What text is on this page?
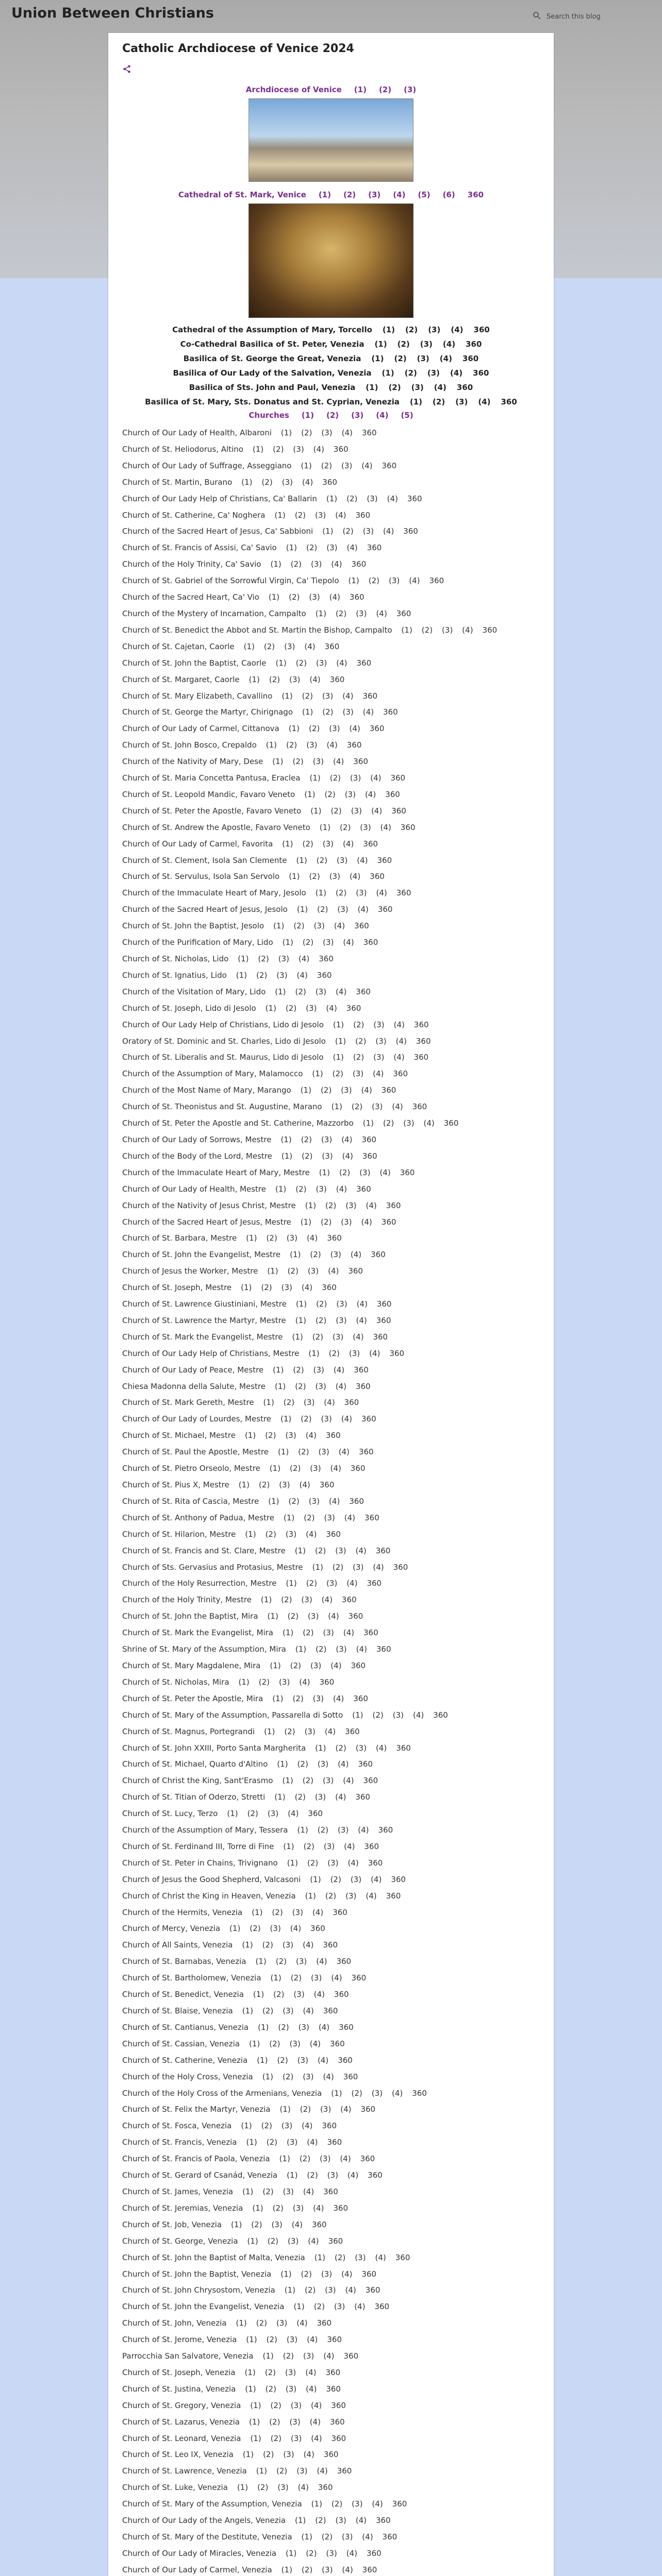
Union Between Christians	Search this blog
Catholic Archdiocese of Venice 2024
Archdiocese of Venice (1) (2) (3)
Cathedral of St. Mark, Venice (1) (2) (3) (4) (5) (6) 360
Cathedral of the Assumption of Mary, Torcello (1) (2) (3) (4) 360
Co-Cathedral Basilica of St. Peter, Venezia (1) (2) (3) (4) 360
Basilica of St. George the Great, Venezia (1) (2) (3) (4) 360
Basilica of Our Lady of the Salvation, Venezia (1) (2) (3) (4) 360
Basilica of Sts. John and Paul, Venezia (1) (2) (3) (4) 360
Basilica of St. Mary, Sts. Donatus and St. Cyprian, Venezia (1) (2) (3) (4) 360
Churches (1) (2) (3) (4) (5)
Church of Our Lady of Health, Albaroni (1) (2) (3) (4) 360
Church of St. Heliodorus, Altino (1) (2) (3) (4) 360
Church of Our Lady of Suffrage, Asseggiano (1) (2) (3) (4) 360
Church of St. Martin, Burano (1) (2) (3) (4) 360
Church of Our Lady Help of Christians, Ca' Ballarin (1) (2) (3) (4) 360
Church of St. Catherine, Ca' Noghera (1) (2) (3) (4) 360
Church of the Sacred Heart of Jesus, Ca' Sabbioni (1) (2) (3) (4) 360
Church of St. Francis of Assisi, Ca' Savio (1) (2) (3) (4) 360
Church of the Holy Trinity, Ca' Savio (1) (2) (3) (4) 360
Church of St. Gabriel of the Sorrowful Virgin, Ca' Tiepolo (1) (2) (3) (4) 360
Church of the Sacred Heart, Ca' Vio (1) (2) (3) (4) 360
Church of the Mystery of Incarnation, Campalto (1) (2) (3) (4) 360
Church of St. Benedict the Abbot and St. Martin the Bishop, Campalto (1) (2) (3) (4) 360
Church of St. Cajetan, Caorle (1) (2) (3) (4) 360
Church of St. John the Baptist, Caorle (1) (2) (3) (4) 360
Church of St. Margaret, Caorle (1) (2) (3) (4) 360
Church of St. Mary Elizabeth, Cavallino (1) (2) (3) (4) 360
Church of St. George the Martyr, Chirignago (1) (2) (3) (4) 360
Church of Our Lady of Carmel, Cittanova (1) (2) (3) (4) 360
Church of St. John Bosco, Crepaldo (1) (2) (3) (4) 360
Church of the Nativity of Mary, Dese (1) (2) (3) (4) 360
Church of St. Maria Concetta Pantusa, Eraclea (1) (2) (3) (4) 360
Church of St. Leopold Mandic, Favaro Veneto (1) (2) (3) (4) 360
Church of St. Peter the Apostle, Favaro Veneto (1) (2) (3) (4) 360
Church of St. Andrew the Apostle, Favaro Veneto (1) (2) (3) (4) 360
Church of Our Lady of Carmel, Favorita (1) (2) (3) (4) 360
Church of St. Clement, Isola San Clemente (1) (2) (3) (4) 360
Church of St. Servulus, Isola San Servolo (1) (2) (3) (4) 360
Church of the Immaculate Heart of Mary, Jesolo (1) (2) (3) (4) 360
Church of the Sacred Heart of Jesus, Jesolo (1) (2) (3) (4) 360
Church of St. John the Baptist, Jesolo (1) (2) (3) (4) 360
Church of the Purification of Mary, Lido (1) (2) (3) (4) 360
Church of St. Nicholas, Lido (1) (2) (3) (4) 360
Church of St. Ignatius, Lido (1) (2) (3) (4) 360
Church of the Visitation of Mary, Lido (1) (2) (3) (4) 360
Church of St. Joseph, Lido di Jesolo (1) (2) (3) (4) 360
Church of Our Lady Help of Christians, Lido di Jesolo (1) (2) (3) (4) 360
Oratory of St. Dominic and St. Charles, Lido di Jesolo (1) (2) (3) (4) 360
Church of St. Liberalis and St. Maurus, Lido di Jesolo (1) (2) (3) (4) 360
Church of the Assumption of Mary, Malamocco (1) (2) (3) (4) 360
Church of the Most Name of Mary, Marango (1) (2) (3) (4) 360
Church of St. Theonistus and St. Augustine, Marano (1) (2) (3) (4) 360
Church of St. Peter the Apostle and St. Catherine, Mazzorbo (1) (2) (3) (4) 360
Church of Our Lady of Sorrows, Mestre (1) (2) (3) (4) 360
Church of the Body of the Lord, Mestre (1) (2) (3) (4) 360
Church of the Immaculate Heart of Mary, Mestre (1) (2) (3) (4) 360
Church of Our Lady of Health, Mestre (1) (2) (3) (4) 360
Church of the Nativity of Jesus Christ, Mestre (1) (2) (3) (4) 360
Church of the Sacred Heart of Jesus, Mestre (1) (2) (3) (4) 360
Church of St. Barbara, Mestre (1) (2) (3) (4) 360
Church of St. John the Evangelist, Mestre (1) (2) (3) (4) 360
Church of Jesus the Worker, Mestre (1) (2) (3) (4) 360
Church of St. Joseph, Mestre (1) (2) (3) (4) 360
Church of St. Lawrence Giustiniani, Mestre (1) (2) (3) (4) 360
Church of St. Lawrence the Martyr, Mestre (1) (2) (3) (4) 360
Church of St. Mark the Evangelist, Mestre (1) (2) (3) (4) 360
Church of Our Lady Help of Christians, Mestre (1) (2) (3) (4) 360
Church of Our Lady of Peace, Mestre (1) (2) (3) (4) 360
Chiesa Madonna della Salute, Mestre (1) (2) (3) (4) 360
Church of St. Mark Gereth, Mestre (1) (2) (3) (4) 360
Church of Our Lady of Lourdes, Mestre (1) (2) (3) (4) 360
Church of St. Michael, Mestre (1) (2) (3) (4) 360
Church of St. Paul the Apostle, Mestre (1) (2) (3) (4) 360
Church of St. Pietro Orseolo, Mestre (1) (2) (3) (4) 360
Church of St. Pius X, Mestre (1) (2) (3) (4) 360
Church of St. Rita of Cascia, Mestre (1) (2) (3) (4) 360
Church of St. Anthony of Padua, Mestre (1) (2) (3) (4) 360
Church of St. Hilarion, Mestre (1) (2) (3) (4) 360
Church of St. Francis and St. Clare, Mestre (1) (2) (3) (4) 360
Church of Sts. Gervasius and Protasius, Mestre (1) (2) (3) (4) 360
Church of the Holy Resurrection, Mestre (1) (2) (3) (4) 360
Church of the Holy Trinity, Mestre (1) (2) (3) (4) 360
Church of St. John the Baptist, Mira (1) (2) (3) (4) 360
Church of St. Mark the Evangelist, Mira (1) (2) (3) (4) 360
Shrine of St. Mary of the Assumption, Mira (1) (2) (3) (4) 360
Church of St. Mary Magdalene, Mira (1) (2) (3) (4) 360
Church of St. Nicholas, Mira (1) (2) (3) (4) 360
Church of St. Peter the Apostle, Mira (1) (2) (3) (4) 360
Church of St. Mary of the Assumption, Passarella di Sotto (1) (2) (3) (4) 360
Church of St. Magnus, Portegrandi (1) (2) (3) (4) 360
Church of St. John XXIII, Porto Santa Margherita (1) (2) (3) (4) 360
Church of St. Michael, Quarto d'Altino (1) (2) (3) (4) 360
Church of Christ the King, Sant'Erasmo (1) (2) (3) (4) 360
Church of St. Titian of Oderzo, Stretti (1) (2) (3) (4) 360
Church of St. Lucy, Terzo (1) (2) (3) (4) 360
Church of the Assumption of Mary, Tessera (1) (2) (3) (4) 360
Church of St. Ferdinand III, Torre di Fine (1) (2) (3) (4) 360
Church of St. Peter in Chains, Trivignano (1) (2) (3) (4) 360
Church of Jesus the Good Shepherd, Valcasoni (1) (2) (3) (4) 360
Church of Christ the King in Heaven, Venezia (1) (2) (3) (4) 360
Church of the Hermits, Venezia (1) (2) (3) (4) 360
Church of Mercy, Venezia (1) (2) (3) (4) 360
Church of All Saints, Venezia (1) (2) (3) (4) 360
Church of St. Barnabas, Venezia (1) (2) (3) (4) 360
Church of St. Bartholomew, Venezia (1) (2) (3) (4) 360
Church of St. Benedict, Venezia (1) (2) (3) (4) 360
Church of St. Blaise, Venezia (1) (2) (3) (4) 360
Church of St. Cantianus, Venezia (1) (2) (3) (4) 360
Church of St. Cassian, Venezia (1) (2) (3) (4) 360
Church of St. Catherine, Venezia (1) (2) (3) (4) 360
Church of the Holy Cross, Venezia (1) (2) (3) (4) 360
Church of the Holy Cross of the Armenians, Venezia (1) (2) (3) (4) 360
Church of St. Felix the Martyr, Venezia (1) (2) (3) (4) 360
Church of St. Fosca, Venezia (1) (2) (3) (4) 360
Church of St. Francis, Venezia (1) (2) (3) (4) 360
Church of St. Francis of Paola, Venezia (1) (2) (3) (4) 360
Church of St. Gerard of Csanád, Venezia (1) (2) (3) (4) 360
Church of St. James, Venezia (1) (2) (3) (4) 360
Church of St. Jeremias, Venezia (1) (2) (3) (4) 360
Church of St. Job, Venezia (1) (2) (3) (4) 360
Church of St. George, Venezia (1) (2) (3) (4) 360
Church of St. John the Baptist of Malta, Venezia (1) (2) (3) (4) 360
Church of St. John the Baptist, Venezia (1) (2) (3) (4) 360
Church of St. John Chrysostom, Venezia (1) (2) (3) (4) 360
Church of St. John the Evangelist, Venezia (1) (2) (3) (4) 360
Church of St. John, Venezia (1) (2) (3) (4) 360
Church of St. Jerome, Venezia (1) (2) (3) (4) 360
Parrocchia San Salvatore, Venezia (1) (2) (3) (4) 360
Church of St. Joseph, Venezia (1) (2) (3) (4) 360
Church of St. Justina, Venezia (1) (2) (3) (4) 360
Church of St. Gregory, Venezia (1) (2) (3) (4) 360
Church of St. Lazarus, Venezia (1) (2) (3) (4) 360
Church of St. Leonard, Venezia (1) (2) (3) (4) 360
Church of St. Leo IX, Venezia (1) (2) (3) (4) 360
Church of St. Lawrence, Venezia (1) (2) (3) (4) 360
Church of St. Luke, Venezia (1) (2) (3) (4) 360
Church of St. Mary of the Assumption, Venezia (1) (2) (3) (4) 360
Church of Our Lady of the Angels, Venezia (1) (2) (3) (4) 360
Church of St. Mary of the Destitute, Venezia (1) (2) (3) (4) 360
Church of Our Lady of Miracles, Venezia (1) (2) (3) (4) 360
Church of Our Lady of Carmel, Venezia (1) (2) (3) (4) 360
